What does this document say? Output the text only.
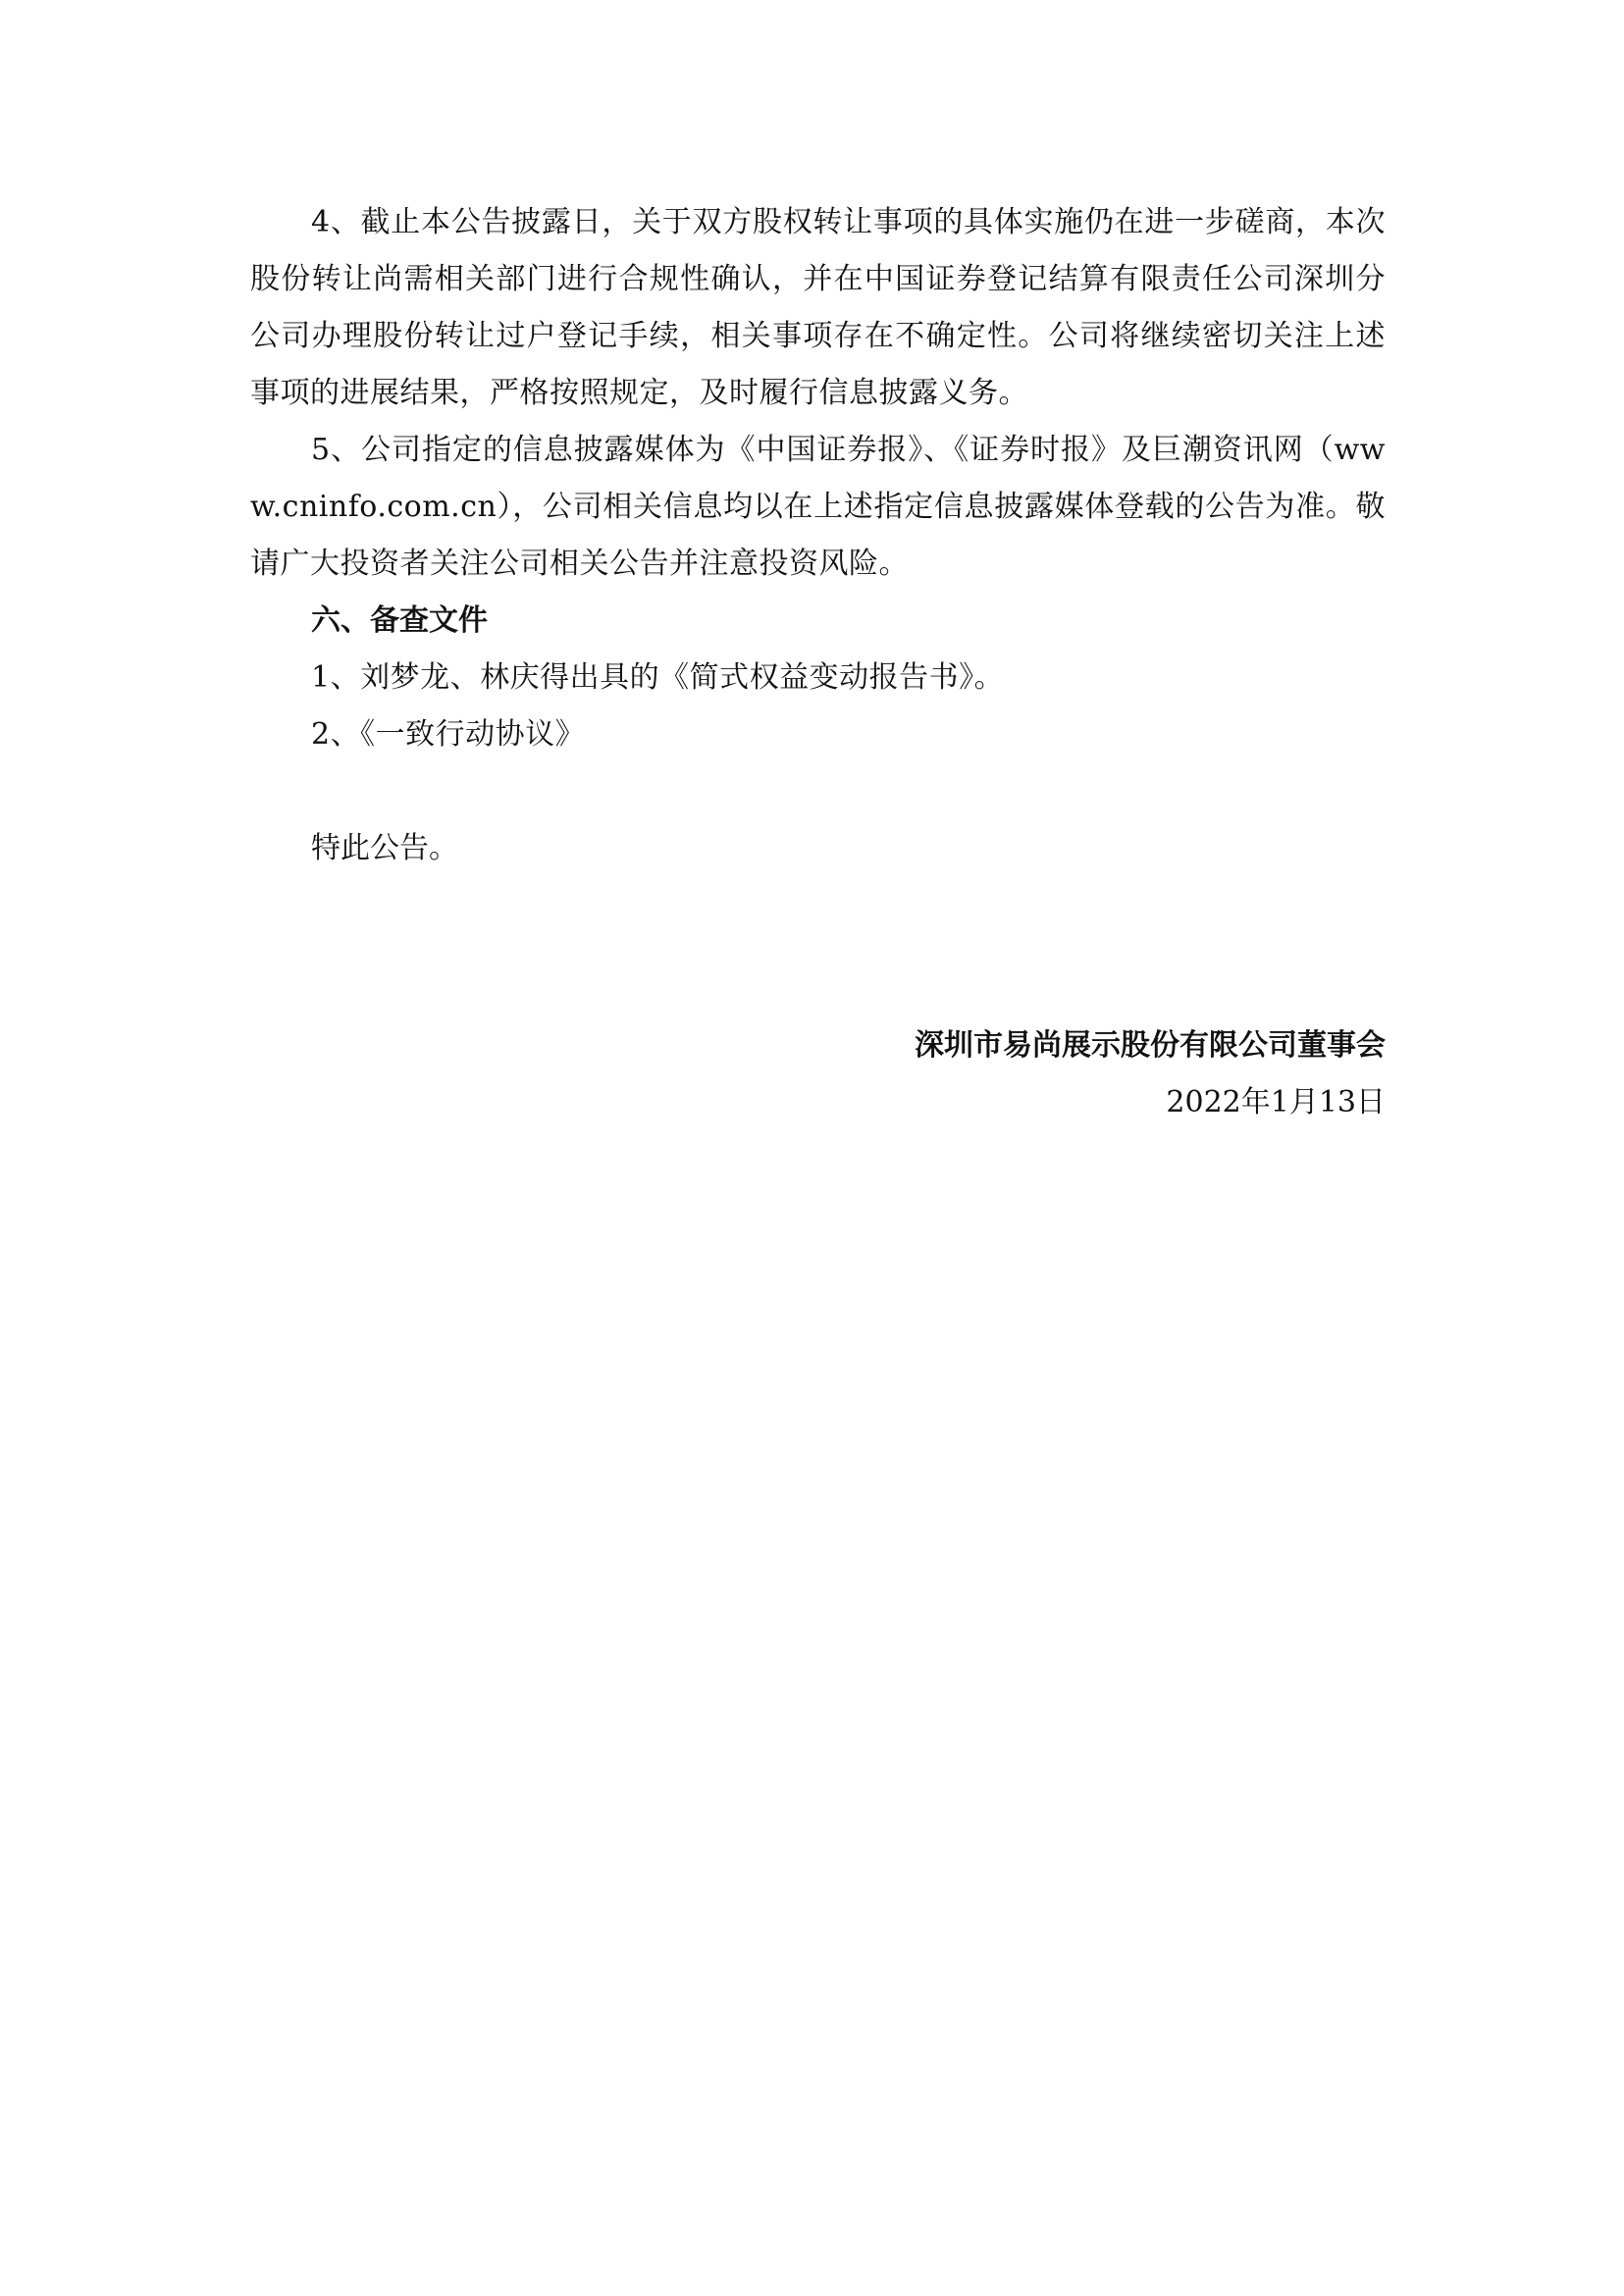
4、截止本公告披露日，关于双方股权转让事项的具体实施仍在进一步磋商，本次股份转让尚需相关部门进行合规性确认，并在中国证券登记结算有限责任公司深圳分公司办理股份转让过户登记手续，相关事项存在不确定性。公司将继续密切关注上述事项的进展结果，严格按照规定，及时履行信息披露义务。

5、公司指定的信息披露媒体为《中国证券报》、《证券时报》及巨潮资讯网（www.cninfo.com.cn），公司相关信息均以在上述指定信息披露媒体登载的公告为准。敬请广大投资者关注公司相关公告并注意投资风险。

六、备查文件

1、刘梦龙、林庆得出具的《简式权益变动报告书》。

2、《一致行动协议》

特此公告。

深圳市易尚展示股份有限公司董事会

2022年1月13日
